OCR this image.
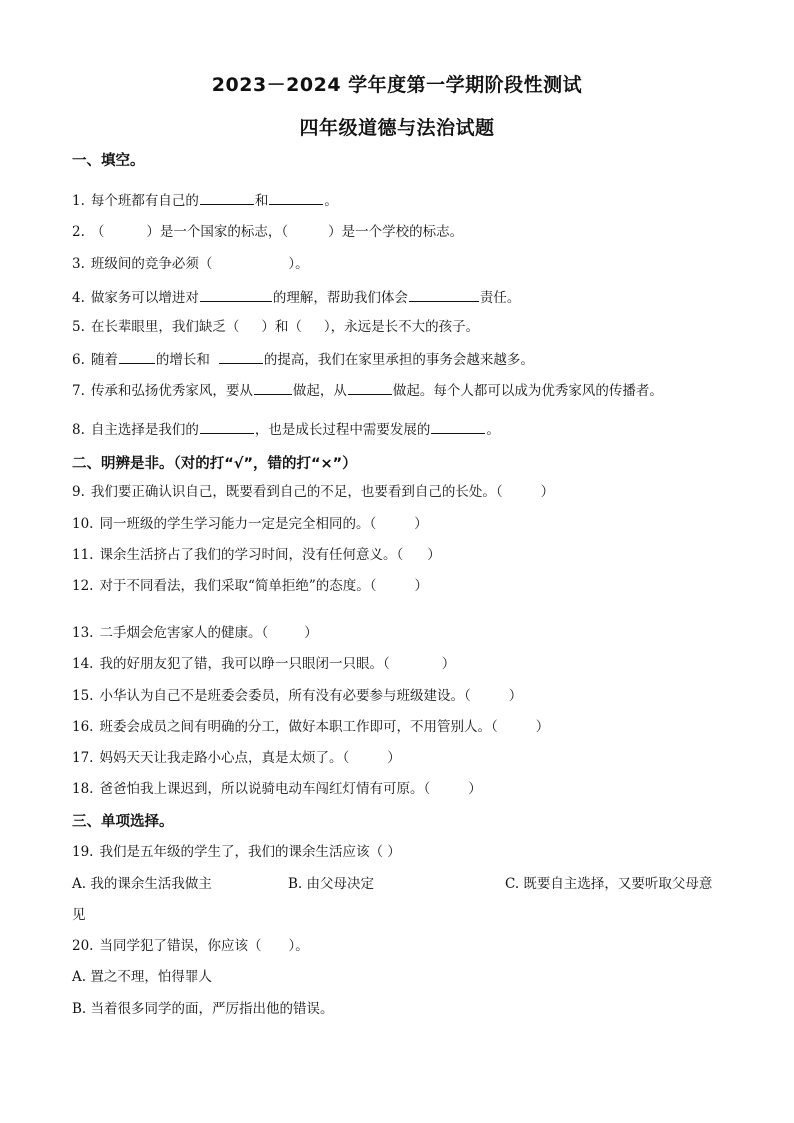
2023－2024 学年度第一学期阶段性测试
四年级道德与法治试题
一、填空。
1. 每个班都有自己的	和	。
2. （	）是一个国家的标志，（	）是一个学校的标志。
3. 班级间的竞争必须（	）。
4. 做家务可以增进对	的理解，帮助我们体会	责任。
5. 在长辈眼里，我们缺乏（ ）和（ ），永远是长不大的孩子。
6. 随着	的增长和	的提高，我们在家里承担的事务会越来越多。
7. 传承和弘扬优秀家风，要从	做起，从	做起。每个人都可以成为优秀家风的传播者。
8. 自主选择是我们的	，也是成长过程中需要发展的	。
二、明辨是非。（对的打“√”，错的打“×”）
9. 我们要正确认识自己，既要看到自己的不足，也要看到自己的长处。（	）
10. 同一班级的学生学习能力一定是完全相同的。（	）
11. 课余生活挤占了我们的学习时间，没有任何意义。（ ）
12. 对于不同看法，我们采取“简单拒绝”的态度。（	）
13. 二手烟会危害家人的健康。（	）
14. 我的好朋友犯了错，我可以睁一只眼闭一只眼。（	）
15. 小华认为自己不是班委会委员，所有没有必要参与班级建设。（	）
16. 班委会成员之间有明确的分工，做好本职工作即可，不用管别人。（	）
17. 妈妈天天让我走路小心点，真是太烦了。（	）
18. 爸爸怕我上课迟到，所以说骑电动车闯红灯情有可原。（	）
三、单项选择。
19. 我们是五年级的学生了，我们的课余生活应该（ ）
A. 我的课余生活我做主	B. 由父母决定	C. 既要自主选择，又要听取父母意
见
20. 当同学犯了错误，你应该（　　）。
A. 置之不理，怕得罪人
B. 当着很多同学的面，严厉指出他的错误。
